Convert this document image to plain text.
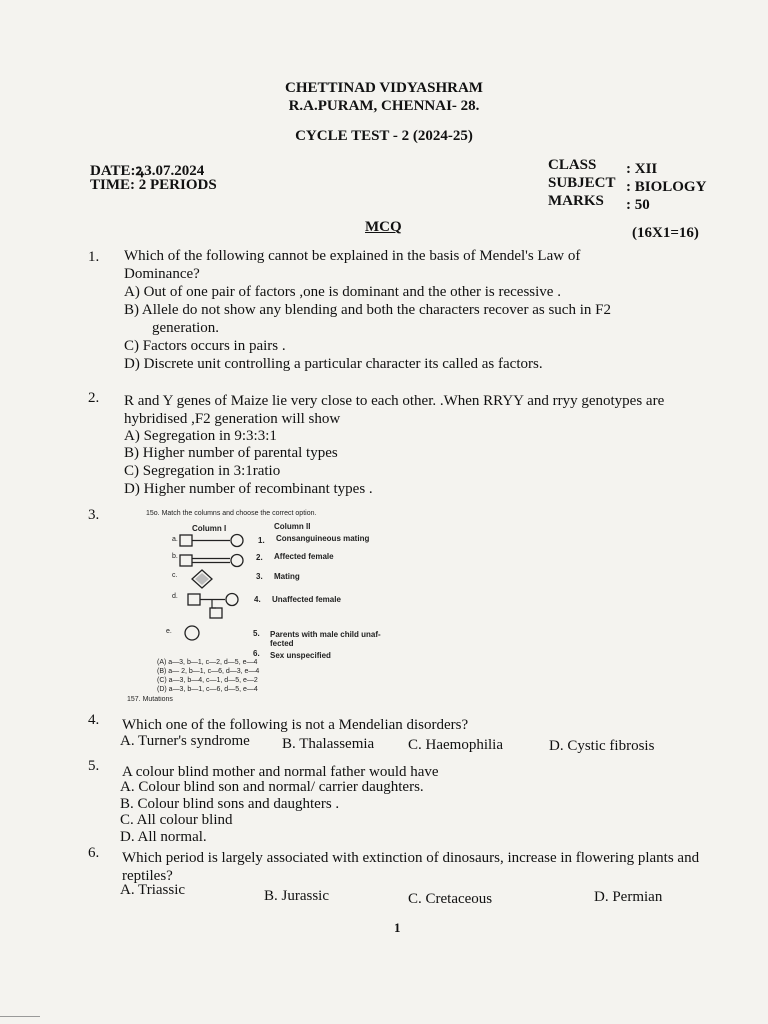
CHETTINAD VIDYASHRAM
R.A.PURAM, CHENNAI- 28.
CYCLE TEST - 2 (2024-25)
DATE:ꝝ3.07.2024
TIME: 2 PERIODS
CLASS : XII
SUBJECT : BIOLOGY
MARKS : 50
MCQ	(16X1=16)
1. Which of the following cannot be explained in the basis of Mendel's Law of Dominance?
A) Out of one pair of factors ,one is dominant and the other is recessive .
B) Allele do not show any blending and both the characters recover as such in F2
generation.
C) Factors occurs in pairs .
D) Discrete unit controlling a particular character its called as factors.
2. R and Y genes of Maize lie very close to each other. .When RRYY and rryy genotypes are hybridised ,F2 generation will show
A) Segregation in 9:3:3:1
B) Higher number of parental types
C) Segregation in 3:1ratio
D) Higher number of recombinant types .
3.	15o. Match the columns and choose the correct option.
Column I	Column II
a.
b.
c.
d.
e.
1. Consanguineous mating
2. Affected female
3. Mating
4. Unaffected female
5. Parents with male child unaf-
fected
6. Sex unspecified
(A) a—3, b—1, c—2, d—5, e—4
(B) a— 2, b—1, c—6, d—3, e—4
(C) a—3, b—4, c—1, d—5, e—2
(D) a—3, b—1, c—6, d—5, e—4
157. Mutations
4. Which one of the following is not a Mendelian disorders?
A. Turner's syndrome B. Thalassemia C. Haemophilia	D. Cystic fibrosis
5. A colour blind mother and normal father would have
A. Colour blind son and normal/ carrier daughters.
B. Colour blind sons and daughters .
C. All colour blind
D. All normal.
6. Which period is largely associated with extinction of dinosaurs, increase in flowering plants and reptiles?
A. Triassic	B. Jurassic	C. Cretaceous	D. Permian
1
